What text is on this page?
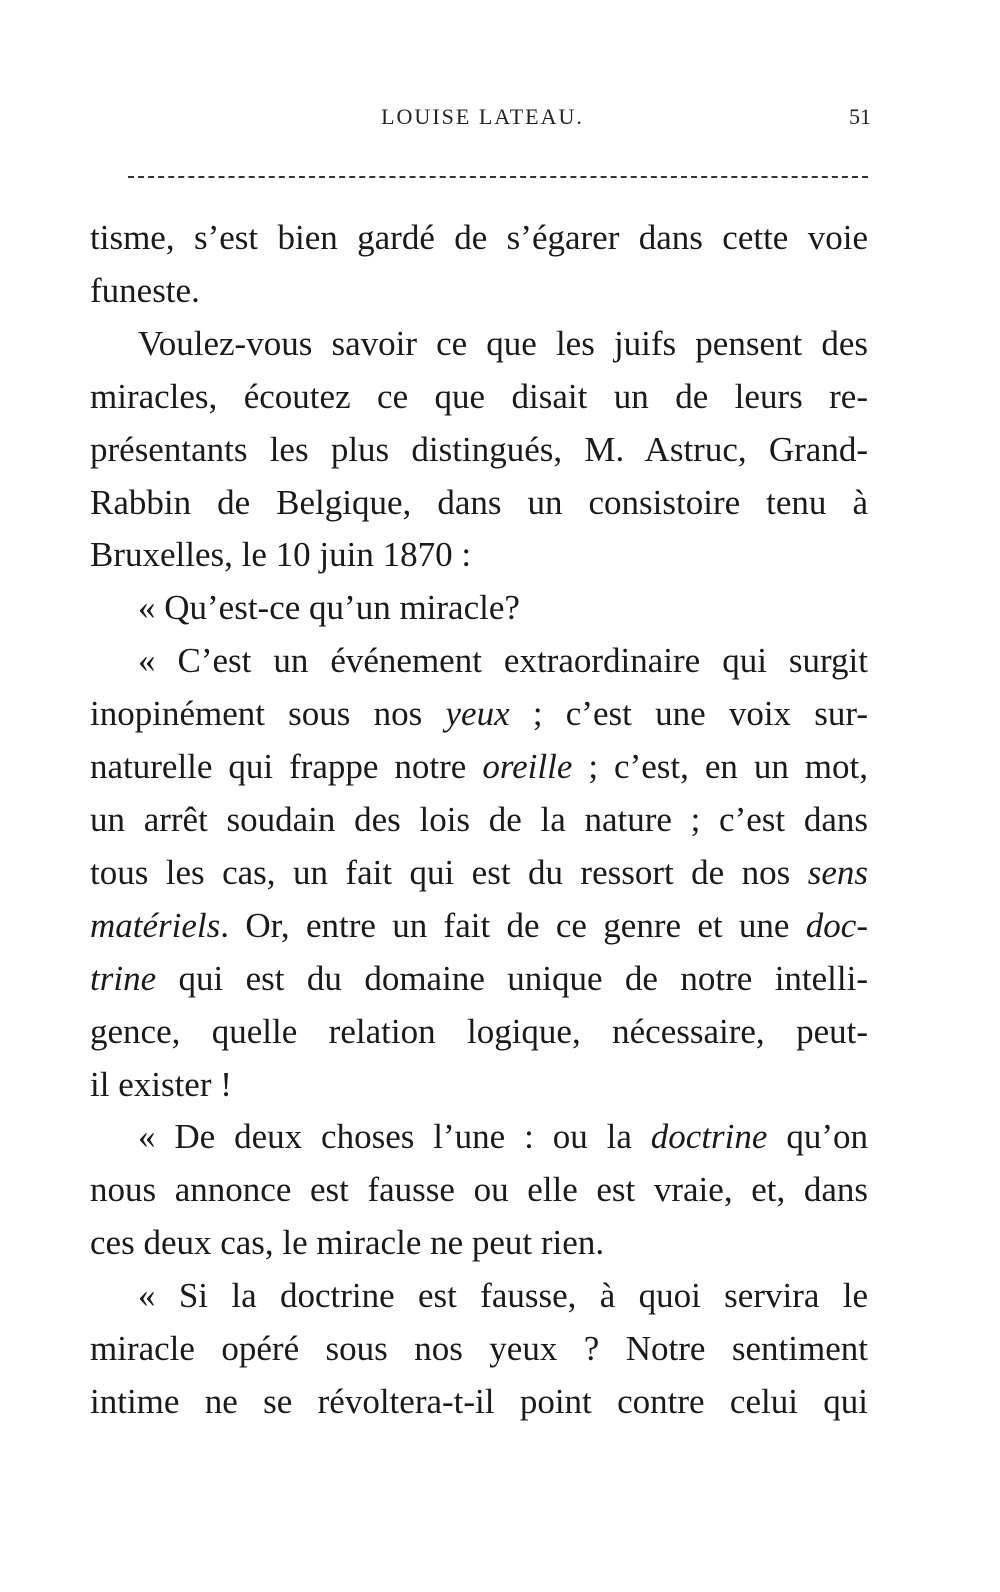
LOUISE LATEAU.	51
tisme, s’est bien gardé de s’égarer dans cette voie
funeste.
Voulez-vous savoir ce que les juifs pensent des
miracles, écoutez ce que disait un de leurs re-
présentants les plus distingués, M. Astruc, Grand-
Rabbin de Belgique, dans un consistoire tenu à
Bruxelles, le 10 juin 1870 :
« Qu’est-ce qu’un miracle?
« C’est un événement extraordinaire qui surgit
inopinément sous nos yeux ; c’est une voix sur-
naturelle qui frappe notre oreille ; c’est, en un mot,
un arrêt soudain des lois de la nature ; c’est dans
tous les cas, un fait qui est du ressort de nos sens
matériels. Or, entre un fait de ce genre et une doc-
trine qui est du domaine unique de notre intelli-
gence, quelle relation logique, nécessaire, peut-
il exister !
« De deux choses l’une : ou la doctrine qu’on
nous annonce est fausse ou elle est vraie, et, dans
ces deux cas, le miracle ne peut rien.
« Si la doctrine est fausse, à quoi servira le
miracle opéré sous nos yeux ? Notre sentiment
intime ne se révoltera-t-il point contre celui qui
